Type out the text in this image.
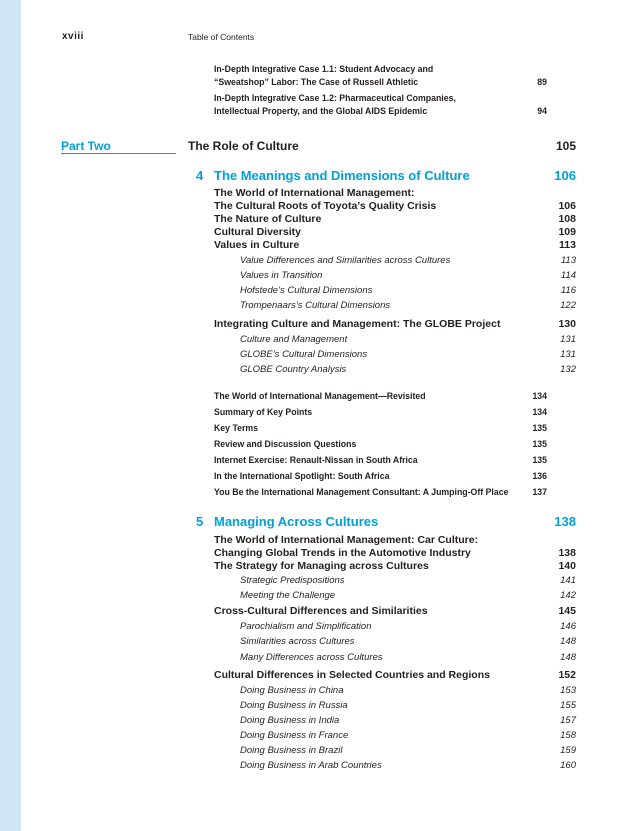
xviii	Table of Contents
In-Depth Integrative Case 1.1: Student Advocacy and
“Sweatshop” Labor: The Case of Russell Athletic	89
In-Depth Integrative Case 1.2: Pharmaceutical Companies,
Intellectual Property, and the Global AIDS Epidemic	94
Part Two	The Role of Culture	105
4 The Meanings and Dimensions of Culture	106
The World of International Management:
The Cultural Roots of Toyota’s Quality Crisis	106
The Nature of Culture	108
Cultural Diversity	109
Values in Culture	113
Value Differences and Similarities across Cultures	113
Values in Transition	114
Hofstede’s Cultural Dimensions	116
Trompenaars’s Cultural Dimensions	122
Integrating Culture and Management: The GLOBE Project	130
Culture and Management	131
GLOBE’s Cultural Dimensions	131
GLOBE Country Analysis	132
The World of International Management—Revisited	134
Summary of Key Points	134
Key Terms	135
Review and Discussion Questions	135
Internet Exercise: Renault-Nissan in South Africa	135
In the International Spotlight: South Africa	136
You Be the International Management Consultant: A Jumping-Off Place	137
5 Managing Across Cultures	138
The World of International Management: Car Culture:
Changing Global Trends in the Automotive Industry	138
The Strategy for Managing across Cultures	140
Strategic Predispositions	141
Meeting the Challenge	142
Cross-Cultural Differences and Similarities	145
Parochialism and Simplification	146
Similarities across Cultures	148
Many Differences across Cultures	148
Cultural Differences in Selected Countries and Regions	152
Doing Business in China	153
Doing Business in Russia	155
Doing Business in India	157
Doing Business in France	158
Doing Business in Brazil	159
Doing Business in Arab Countries	160
